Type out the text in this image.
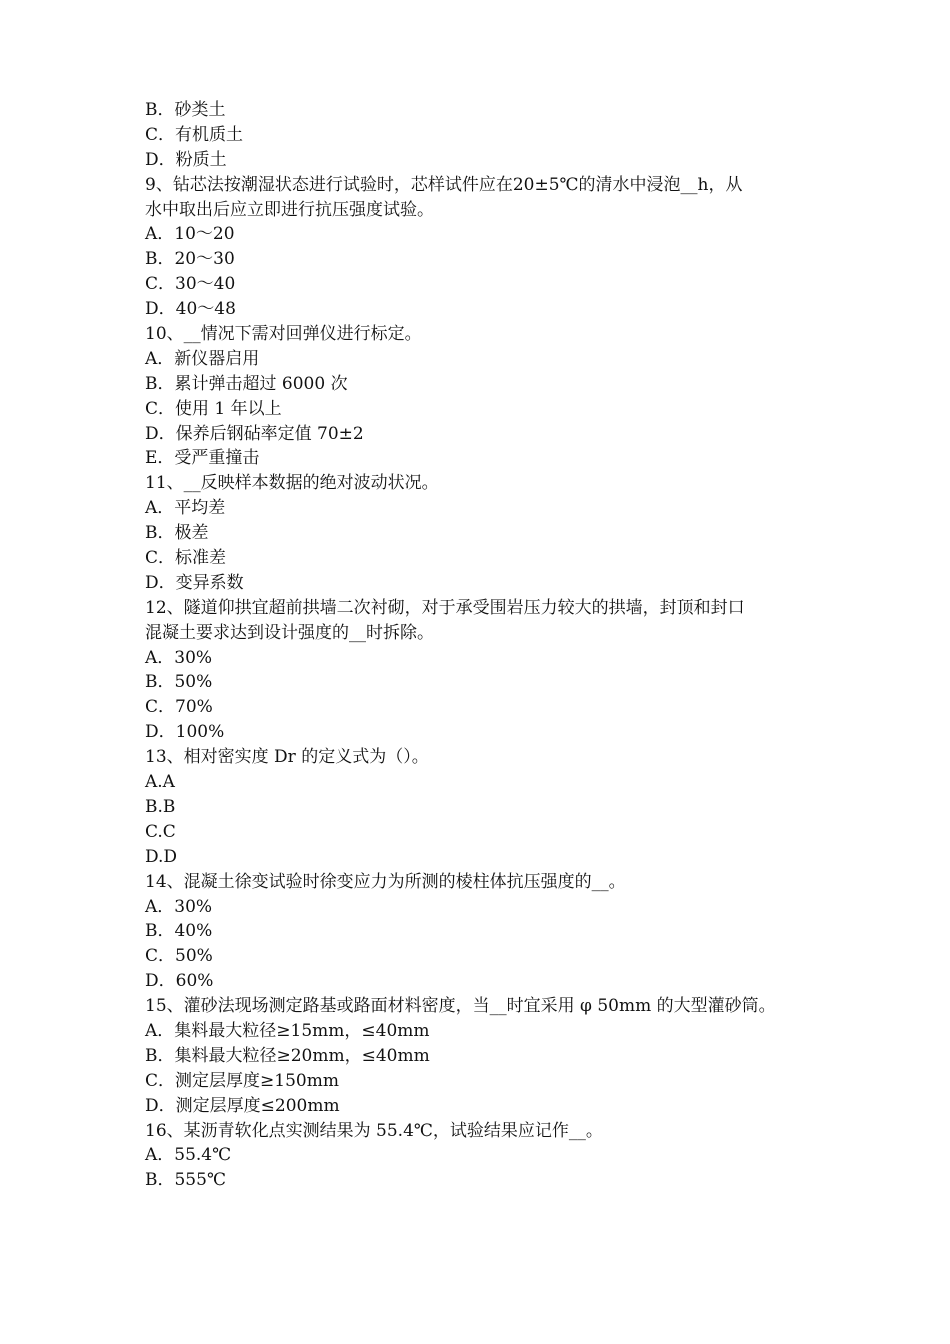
B．砂类土
C．有机质土
D．粉质土
9、钻芯法按潮湿状态进行试验时，芯样试件应在20±5℃的清水中浸泡__h，从
水中取出后应立即进行抗压强度试验。
A．10～20
B．20～30
C．30～40
D．40～48
10、__情况下需对回弹仪进行标定。
A．新仪器启用
B．累计弹击超过 6000 次
C．使用 1 年以上
D．保养后钢砧率定值 70±2
E．受严重撞击
11、__反映样本数据的绝对波动状况。
A．平均差
B．极差
C．标准差
D．变异系数
12、隧道仰拱宜超前拱墙二次衬砌，对于承受围岩压力较大的拱墙，封顶和封口
混凝土要求达到设计强度的__时拆除。
A．30%
B．50%
C．70%
D．100%
13、相对密实度 Dr 的定义式为（）。
A.A
B.B
C.C
D.D
14、混凝土徐变试验时徐变应力为所测的棱柱体抗压强度的__。
A．30%
B．40%
C．50%
D．60%
15、灌砂法现场测定路基或路面材料密度，当__时宜采用 φ 50mm 的大型灌砂筒。
A．集料最大粒径≥15mm，≤40mm
B．集料最大粒径≥20mm，≤40mm
C．测定层厚度≥150mm
D．测定层厚度≤200mm
16、某沥青软化点实测结果为 55.4℃，试验结果应记作__。
A．55.4℃
B．555℃
